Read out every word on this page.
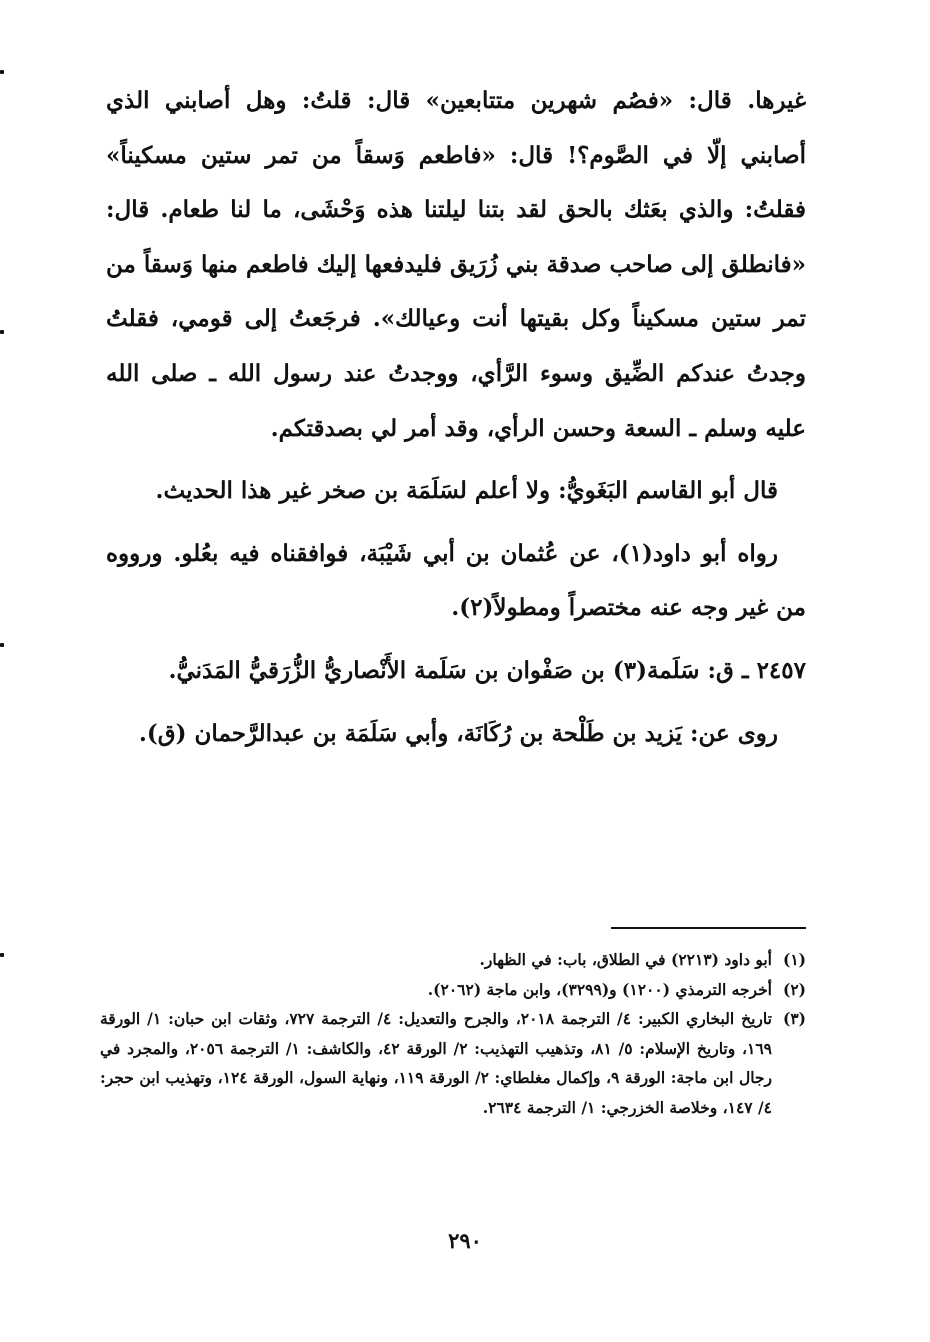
غيرها. قال: «فصُم شهرين متتابعين» قال: قلتُ: وهل أصابني الذي أصابني إلّا في الصَّوم؟! قال: «فاطعم وَسقاً من تمر ستين مسكيناً» فقلتُ: والذي بعَثك بالحق لقد بتنا ليلتنا هذه وَحْشَى، ما لنا طعام. قال: «فانطلق إلى صاحب صدقة بني زُرَيق فليدفعها إليك فاطعم منها وَسقاً من تمر ستين مسكيناً وكل بقيتها أنت وعيالك». فرجَعتُ إلى قومي، فقلتُ وجدتُ عندكم الضِّيق وسوء الرَّأي، ووجدتُ عند رسول الله ـ صلى الله عليه وسلم ـ السعة وحسن الرأي، وقد أمر لي بصدقتكم.

قال أبو القاسم البَغَويُّ: ولا أعلم لسَلَمَة بن صخر غير هذا الحديث.

رواه أبو داود(١)، عن عُثمان بن أبي شَيْبَة، فوافقناه فيه بعُلو. ورووه من غير وجه عنه مختصراً ومطولاً(٢).

٢٤٥٧ ـ ق: سَلَمة(٣) بن صَفْوان بن سَلَمة الأَنْصاريُّ الزُّرَقيُّ المَدَنيُّ.

روى عن: يَزيد بن طَلْحة بن رُكَانَة، وأبي سَلَمَة بن عبدالرَّحمان (ق).

(١)
أبو داود (٢٢١٣) في الطلاق، باب: في الظهار.

(٢)
أخرجه الترمذي (١٢٠٠) و(٣٢٩٩)، وابن ماجة (٢٠٦٢).

(٣)
تاريخ البخاري الكبير: ٤/ الترجمة ٢٠١٨، والجرح والتعديل: ٤/ الترجمة ٧٢٧، وثقات ابن حبان: ١/ الورقة ١٦٩، وتاريخ الإسلام: ٥/ ٨١، وتذهيب التهذيب: ٢/ الورقة ٤٢، والكاشف: ١/ الترجمة ٢٠٥٦، والمجرد في رجال ابن ماجة: الورقة ٩، وإكمال مغلطاي: ٢/ الورقة ١١٩، ونهاية السول، الورقة ١٢٤، وتهذيب ابن حجر: ٤/ ١٤٧، وخلاصة الخزرجي: ١/ الترجمة ٢٦٣٤.

٢٩٠
